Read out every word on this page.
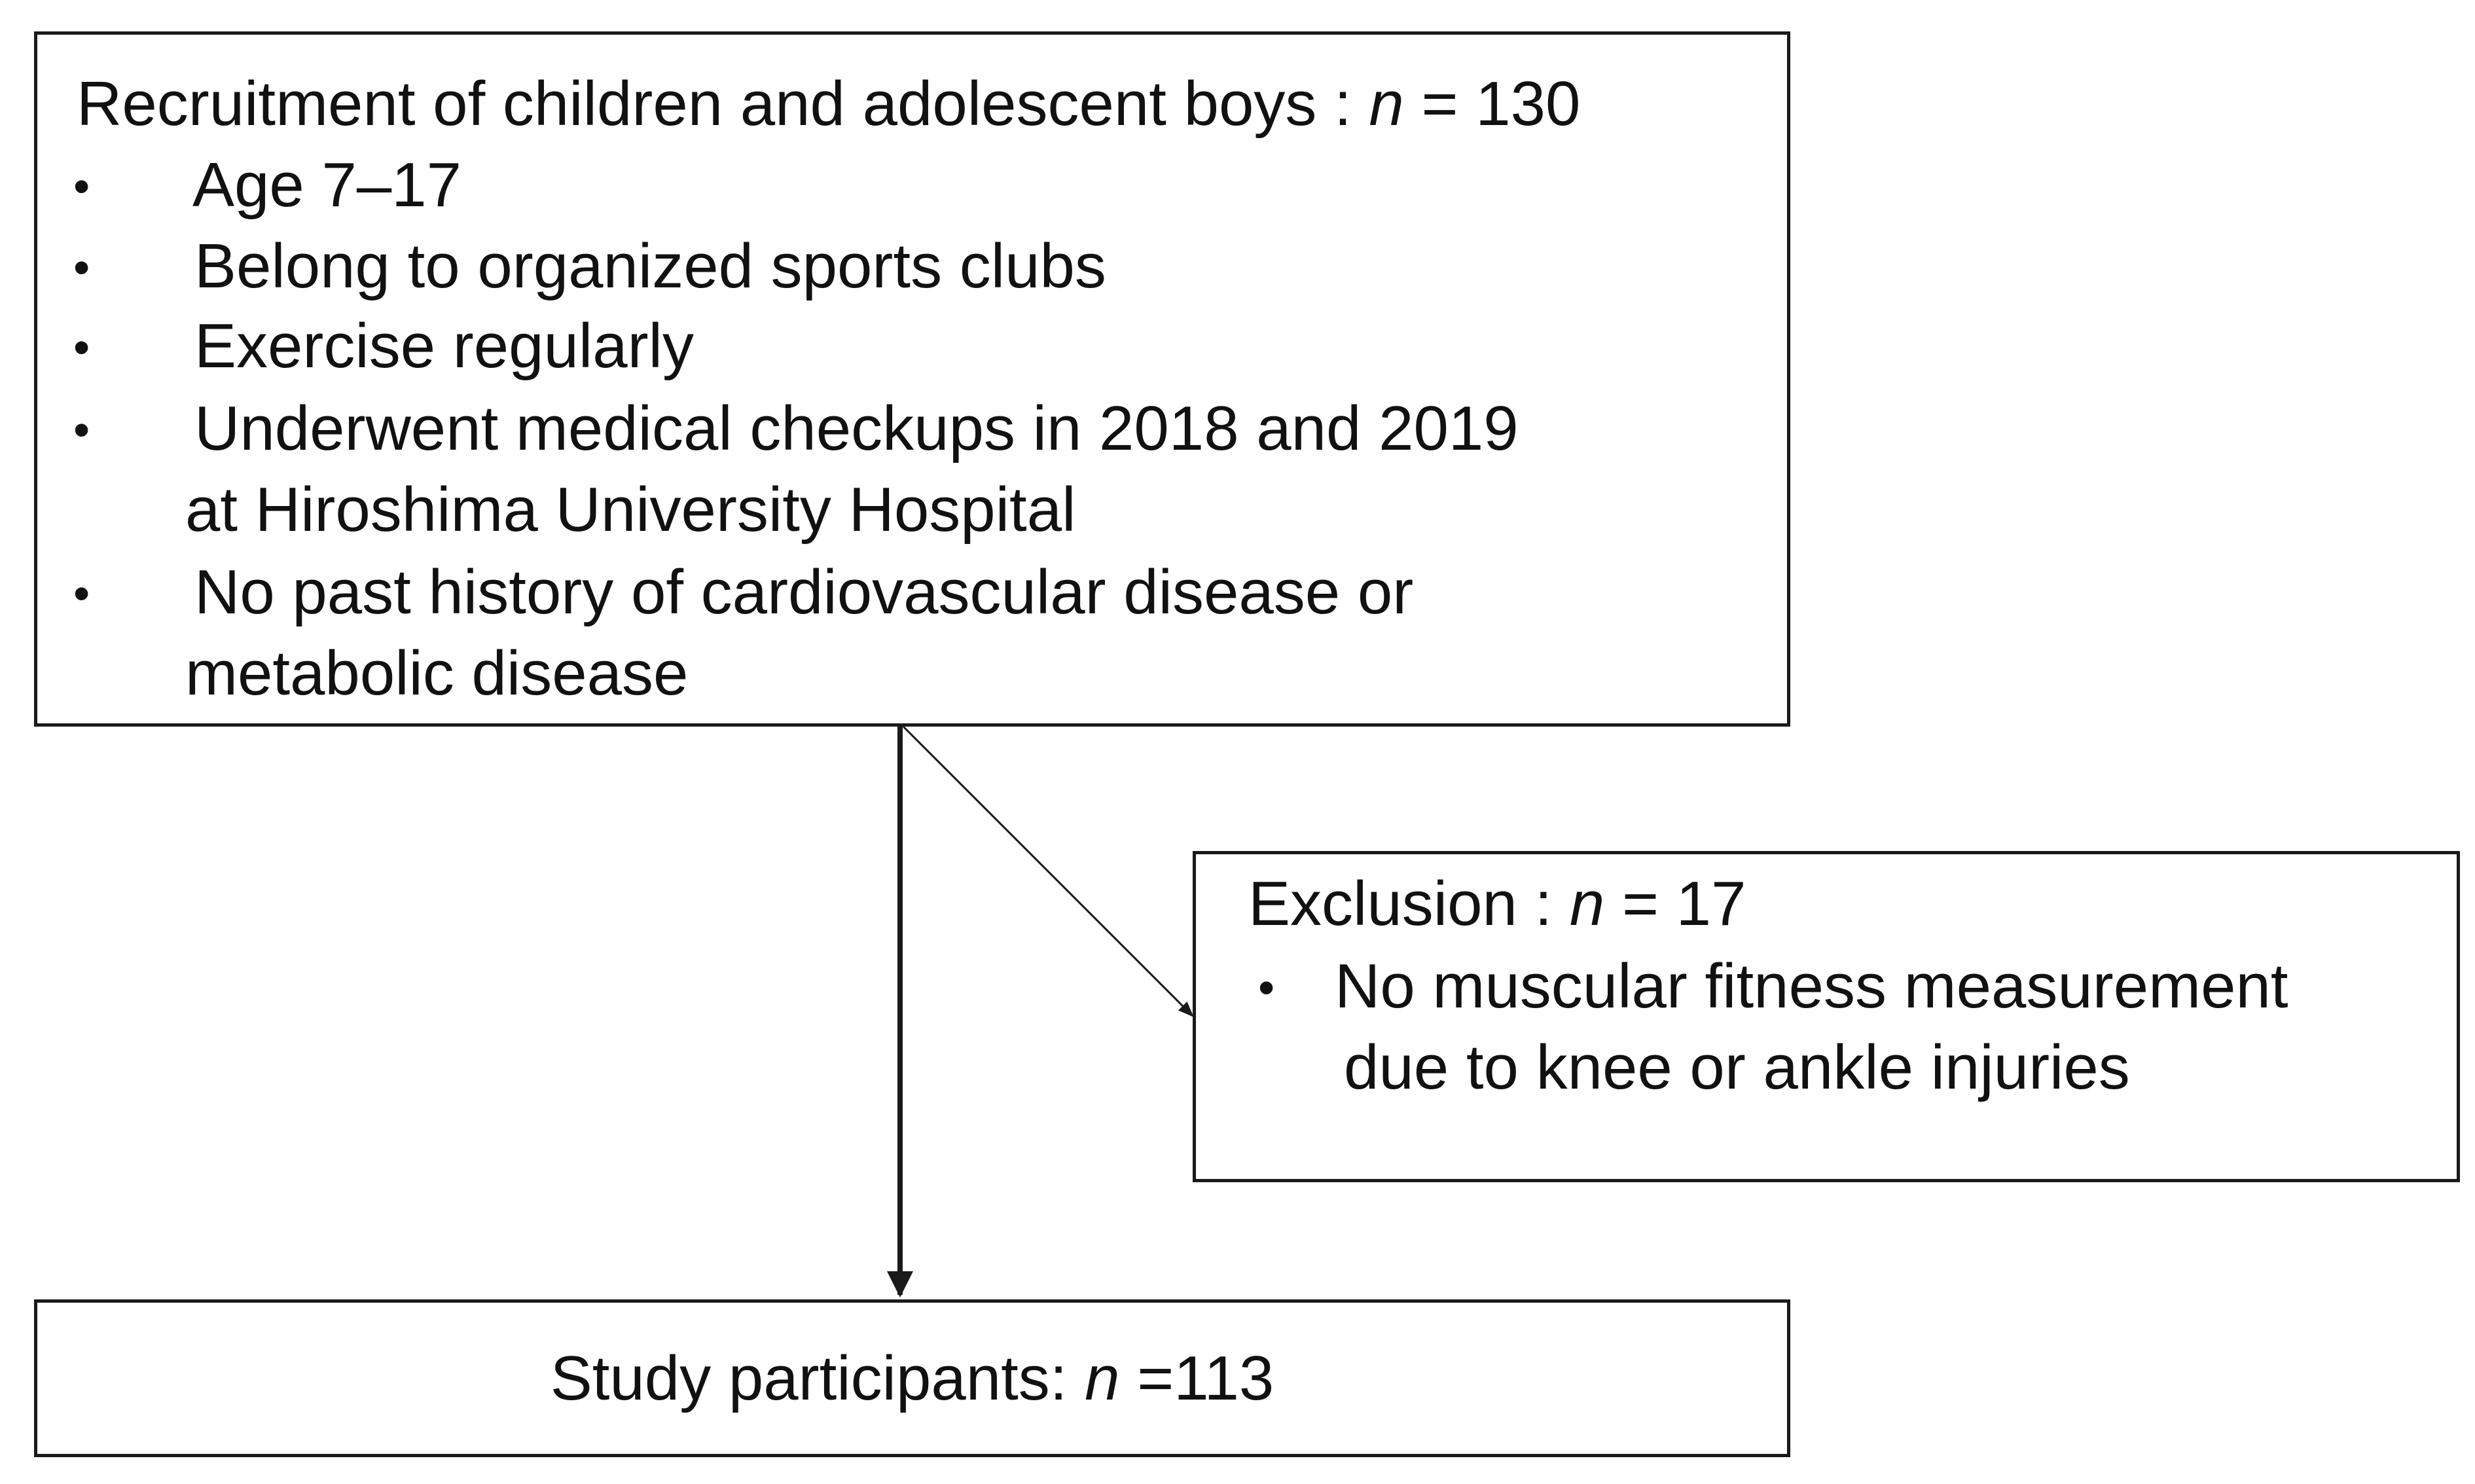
Recruitment of children and adolescent boys : n = 130
• Age 7–17
• Belong to organized sports clubs
• Exercise regularly
• Underwent medical checkups in 2018 and 2019
at Hiroshima University Hospital
• No past history of cardiovascular disease or
metabolic disease
Exclusion : n = 17
• No muscular fitness measurement
due to knee or ankle injuries
Study participants: n =113
